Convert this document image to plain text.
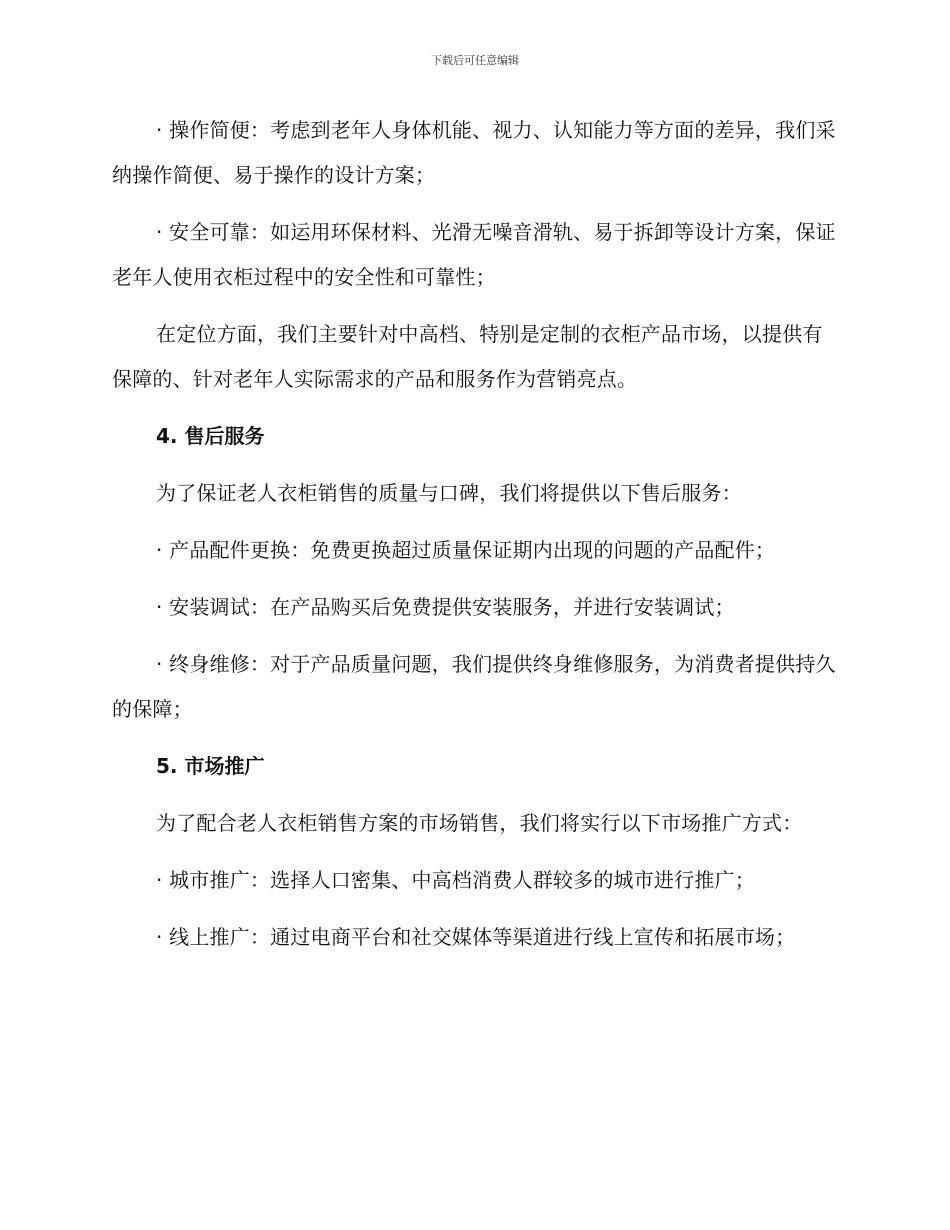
下载后可任意编辑

· 操作简便：考虑到老年人身体机能、视力、认知能力等方面的差异，我们采纳操作简便、易于操作的设计方案；

· 安全可靠：如运用环保材料、光滑无噪音滑轨、易于拆卸等设计方案，保证老年人使用衣柜过程中的安全性和可靠性；

在定位方面，我们主要针对中高档、特别是定制的衣柜产品市场，以提供有保障的、针对老年人实际需求的产品和服务作为营销亮点。

4. 售后服务

为了保证老人衣柜销售的质量与口碑，我们将提供以下售后服务：

· 产品配件更换：免费更换超过质量保证期内出现的问题的产品配件；

· 安装调试：在产品购买后免费提供安装服务，并进行安装调试；

· 终身维修：对于产品质量问题，我们提供终身维修服务，为消费者提供持久的保障；

5. 市场推广

为了配合老人衣柜销售方案的市场销售，我们将实行以下市场推广方式：

· 城市推广：选择人口密集、中高档消费人群较多的城市进行推广；

· 线上推广：通过电商平台和社交媒体等渠道进行线上宣传和拓展市场；
